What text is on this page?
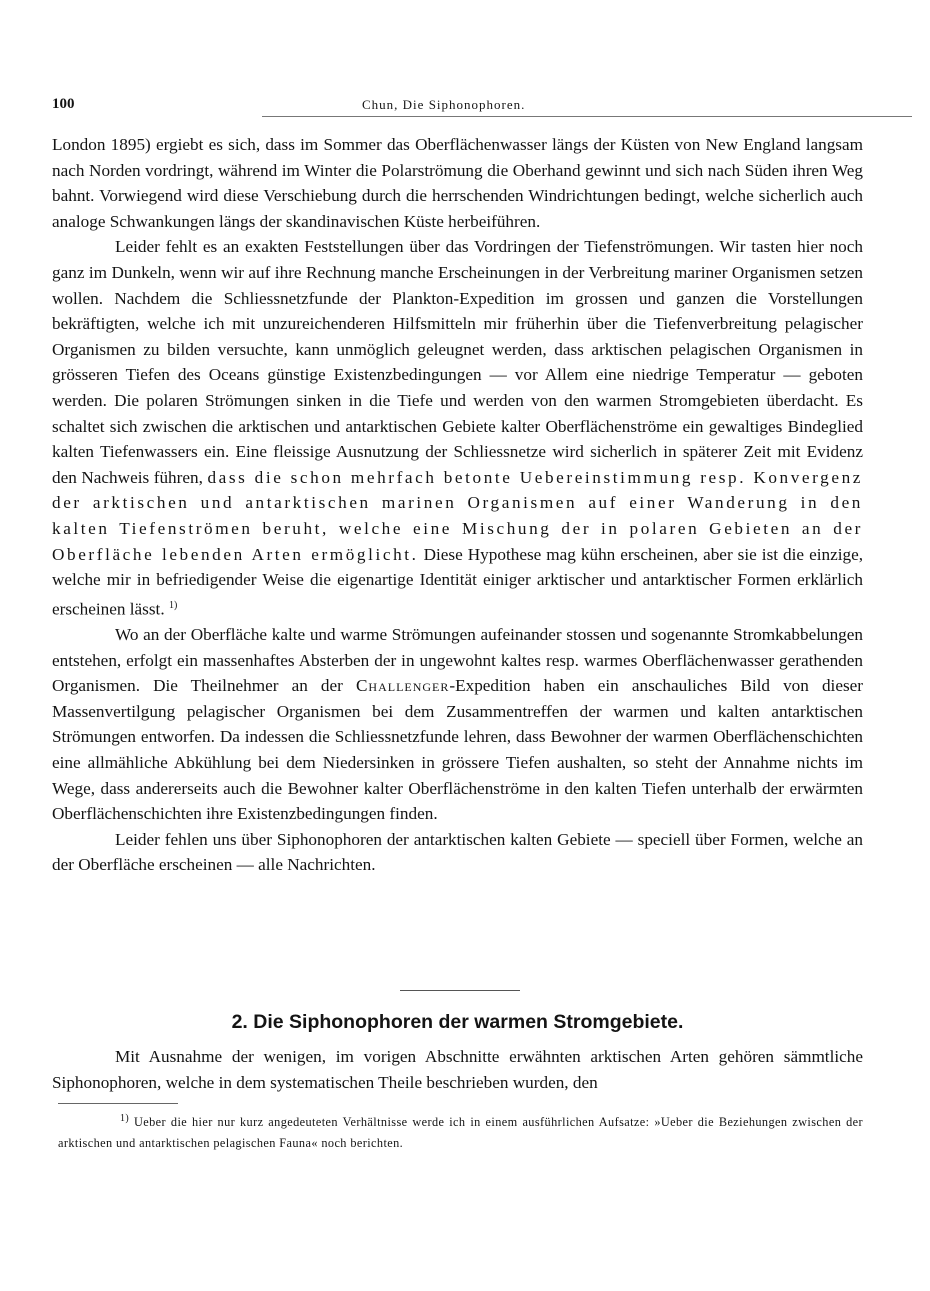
100	Chun, Die Siphonophoren.

London 1895) ergiebt es sich, dass im Sommer das Oberflächenwasser längs der Küsten von New England langsam nach Norden vordringt, während im Winter die Polarströmung die Oberhand gewinnt und sich nach Süden ihren Weg bahnt. Vorwiegend wird diese Verschiebung durch die herrschenden Windrichtungen bedingt, welche sicherlich auch analoge Schwankungen längs der skandinavischen Küste herbeiführen.

Leider fehlt es an exakten Feststellungen über das Vordringen der Tiefenströmungen. Wir tasten hier noch ganz im Dunkeln, wenn wir auf ihre Rechnung manche Erscheinungen in der Verbreitung mariner Organismen setzen wollen. Nachdem die Schliessnetzfunde der Plankton-Expedition im grossen und ganzen die Vorstellungen bekräftigten, welche ich mit unzureichenderen Hilfsmitteln mir früherhin über die Tiefenverbreitung pelagischer Organismen zu bilden versuchte, kann unmöglich geleugnet werden, dass arktischen pelagischen Organismen in grösseren Tiefen des Oceans günstige Existenzbedingungen — vor Allem eine niedrige Temperatur — geboten werden. Die polaren Strömungen sinken in die Tiefe und werden von den warmen Stromgebieten überdacht. Es schaltet sich zwischen die arktischen und antarktischen Gebiete kalter Oberflächenströme ein gewaltiges Bindeglied kalten Tiefenwassers ein. Eine fleissige Ausnutzung der Schliessnetze wird sicherlich in späterer Zeit mit Evidenz den Nachweis führen, dass die schon mehrfach betonte Uebereinstimmung resp. Konvergenz der arktischen und antarktischen marinen Organismen auf einer Wanderung in den kalten Tiefenströmen beruht, welche eine Mischung der in polaren Gebieten an der Oberfläche lebenden Arten ermöglicht. Diese Hypothese mag kühn erscheinen, aber sie ist die einzige, welche mir in befriedigender Weise die eigenartige Identität einiger arktischer und antarktischer Formen erklärlich erscheinen lässt. $^{1)}$

Wo an der Oberfläche kalte und warme Strömungen aufeinander stossen und sogenannte Stromkabbelungen entstehen, erfolgt ein massenhaftes Absterben der in ungewohnt kaltes resp. warmes Oberflächenwasser gerathenden Organismen. Die Theilnehmer an der Challenger-Expedition haben ein anschauliches Bild von dieser Massenvertilgung pelagischer Organismen bei dem Zusammentreffen der warmen und kalten antarktischen Strömungen entworfen. Da indessen die Schliessnetzfunde lehren, dass Bewohner der warmen Oberflächenschichten eine allmähliche Abkühlung bei dem Niedersinken in grössere Tiefen aushalten, so steht der Annahme nichts im Wege, dass andererseits auch die Bewohner kalter Oberflächenströme in den kalten Tiefen unterhalb der erwärmten Oberflächenschichten ihre Existenzbedingungen finden.

Leider fehlen uns über Siphonophoren der antarktischen kalten Gebiete — speciell über Formen, welche an der Oberfläche erscheinen — alle Nachrichten.

2. Die Siphonophoren der warmen Stromgebiete.

Mit Ausnahme der wenigen, im vorigen Abschnitte erwähnten arktischen Arten gehören sämmtliche Siphonophoren, welche in dem systematischen Theile beschrieben wurden, den

$^{1)}$ Ueber die hier nur kurz angedeuteten Verhältnisse werde ich in einem ausführlichen Aufsatze: »Ueber die Beziehungen zwischen der arktischen und antarktischen pelagischen Fauna« noch berichten.
